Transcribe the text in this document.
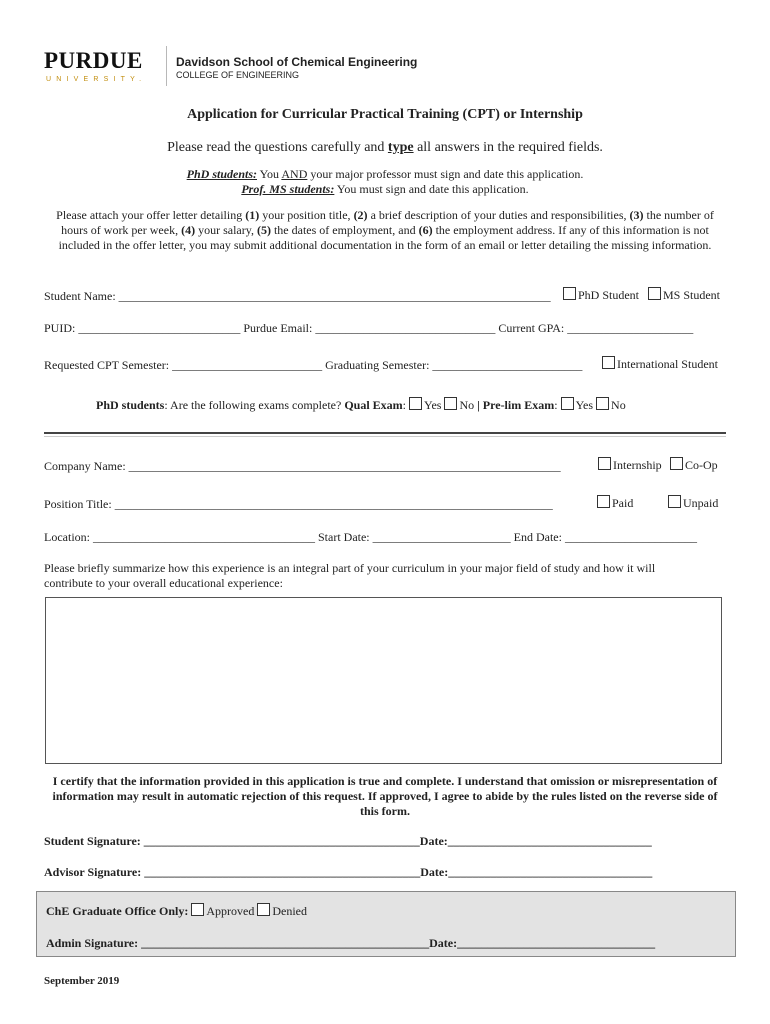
PURDUE
UNIVERSITY.
Davidson School of Chemical Engineering
COLLEGE OF ENGINEERING
Application for Curricular Practical Training (CPT) or Internship
Please read the questions carefully and type all answers in the required fields.
PhD students: You AND your major professor must sign and date this application.
Prof. MS students: You must sign and date this application.
Please attach your offer letter detailing (1) your position title, (2) a brief description of your duties and responsibilities, (3) the number of hours of work per week, (4) your salary, (5) the dates of employment, and (6) the employment address. If any of this information is not included in the offer letter, you may submit additional documentation in the form of an email or letter detailing the missing information.
Student Name: ________________________________________________________________________	PhD Student	MS Student
PUID: ___________________________ Purdue Email: ______________________________ Current GPA: _____________________
Requested CPT Semester: _________________________ Graduating Semester: _________________________	International Student
PhD students: Are the following exams complete? Qual Exam: Yes No | Pre-lim Exam: Yes No
Company Name: ________________________________________________________________________	Internship	Co-Op
Position Title: _________________________________________________________________________	Paid	Unpaid
Location: _____________________________________ Start Date: _______________________ End Date: ______________________
Please briefly summarize how this experience is an integral part of your curriculum in your major field of study and how it will contribute to your overall educational experience:
I certify that the information provided in this application is true and complete. I understand that omission or misrepresentation of information may result in automatic rejection of this request. If approved, I agree to abide by the rules listed on the reverse side of this form.
Student Signature: ______________________________________________Date:__________________________________
Advisor Signature: ______________________________________________Date:__________________________________
ChE Graduate Office Only: Approved Denied
Admin Signature: ________________________________________________Date:_________________________________
September 2019
